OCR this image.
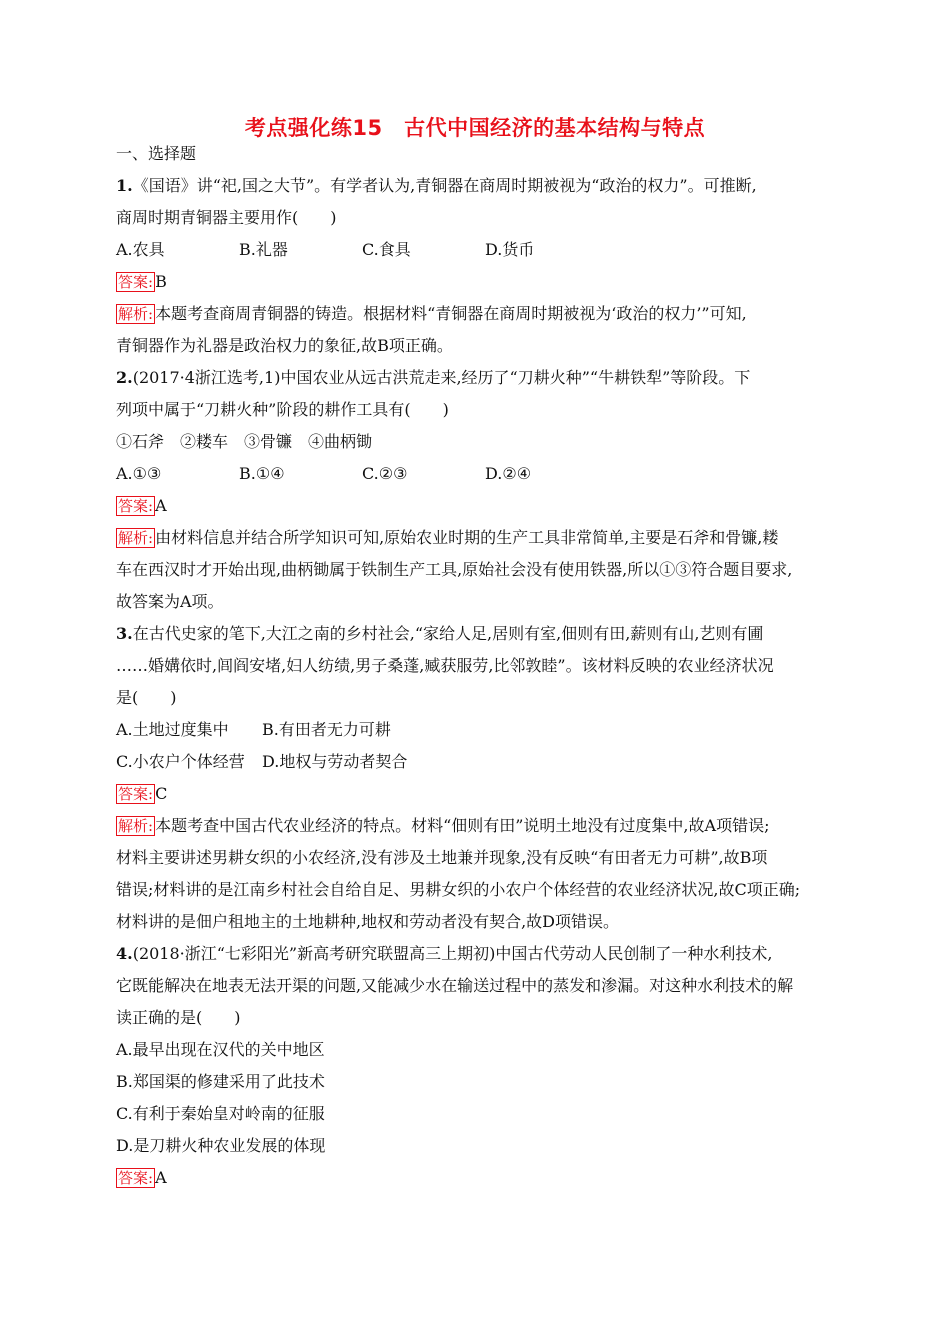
考点强化练15　古代中国经济的基本结构与特点

一、选择题

1.《国语》讲“祀,国之大节”。有学者认为,青铜器在商周时期被视为“政治的权力”。可推断,

商周时期青铜器主要用作(　　)

A.农具	B.礼器	C.食具	D.货币

答案: B

解析: 本题考查商周青铜器的铸造。根据材料“青铜器在商周时期被视为‘政治的权力’”可知,

青铜器作为礼器是政治权力的象征,故B项正确。

2.(2017·4浙江选考,1)中国农业从远古洪荒走来,经历了“刀耕火种”“牛耕铁犁”等阶段。下

列项中属于“刀耕火种”阶段的耕作工具有(　　)

①石斧　②耧车　③骨镰　④曲柄锄

A.①③	B.①④	C.②③	D.②④

答案: A

解析: 由材料信息并结合所学知识可知,原始农业时期的生产工具非常简单,主要是石斧和骨镰,耧

车在西汉时才开始出现,曲柄锄属于铁制生产工具,原始社会没有使用铁器,所以①③符合题目要求,

故答案为A项。

3.在古代史家的笔下,大江之南的乡村社会,“家给人足,居则有室,佃则有田,薪则有山,艺则有圃

……婚媾依时,闾阎安堵,妇人纺绩,男子桑蓬,臧获服劳,比邻敦睦”。该材料反映的农业经济状况

是(　　)

A.土地过度集中	B.有田者无力可耕
C.小农户个体经营	D.地权与劳动者契合

答案: C

解析: 本题考查中国古代农业经济的特点。材料“佃则有田”说明土地没有过度集中,故A项错误;

材料主要讲述男耕女织的小农经济,没有涉及土地兼并现象,没有反映“有田者无力可耕”,故B项

错误;材料讲的是江南乡村社会自给自足、男耕女织的小农户个体经营的农业经济状况,故C项正确;

材料讲的是佃户租地主的土地耕种,地权和劳动者没有契合,故D项错误。

4.(2018·浙江“七彩阳光”新高考研究联盟高三上期初)中国古代劳动人民创制了一种水利技术,

它既能解决在地表无法开渠的问题,又能减少水在输送过程中的蒸发和渗漏。对这种水利技术的解

读正确的是(　　)

A.最早出现在汉代的关中地区

B.郑国渠的修建采用了此技术

C.有利于秦始皇对岭南的征服

D.是刀耕火种农业发展的体现

答案: A
